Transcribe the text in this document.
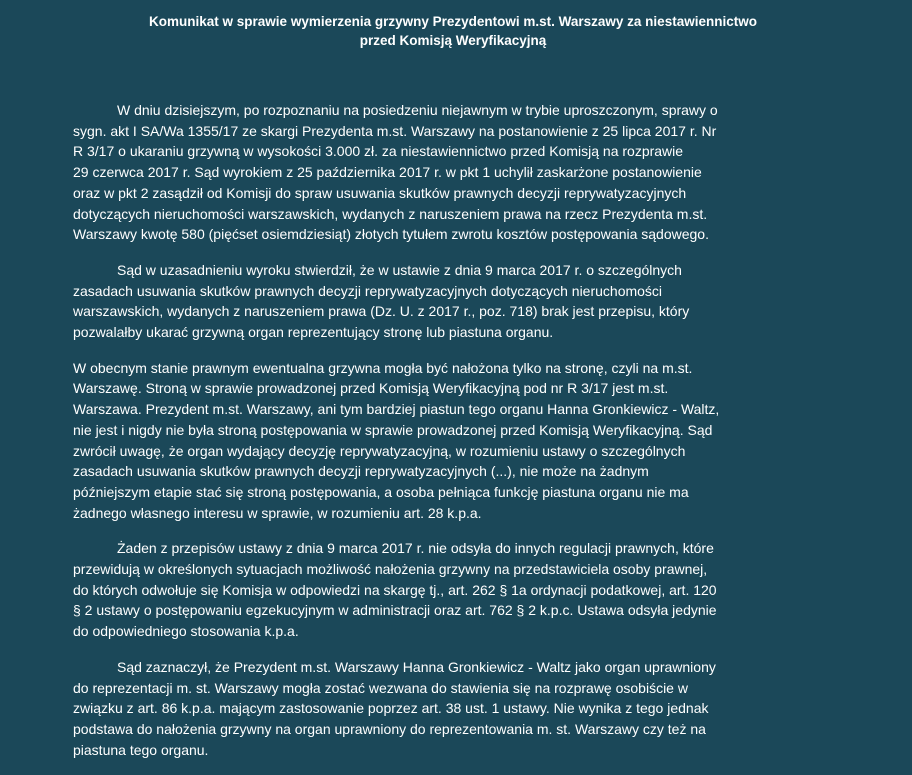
Komunikat w sprawie wymierzenia grzywny Prezydentowi m.st. Warszawy za niestawiennictwo
przed Komisją Weryfikacyjną

W dniu dzisiejszym, po rozpoznaniu na posiedzeniu niejawnym w trybie uproszczonym, sprawy o
sygn. akt I SA/Wa 1355/17 ze skargi Prezydenta m.st. Warszawy na postanowienie z 25 lipca 2017 r. Nr
R 3/17 o ukaraniu grzywną w wysokości 3.000 zł. za niestawiennictwo przed Komisją na rozprawie
29 czerwca 2017 r. Sąd wyrokiem z 25 października 2017 r. w pkt 1 uchylił zaskarżone postanowienie
oraz w pkt 2 zasądził od Komisji do spraw usuwania skutków prawnych decyzji reprywatyzacyjnych
dotyczących nieruchomości warszawskich, wydanych z naruszeniem prawa na rzecz Prezydenta m.st.
Warszawy kwotę 580 (pięćset osiemdziesiąt) złotych tytułem zwrotu kosztów postępowania sądowego.

Sąd w uzasadnieniu wyroku stwierdził, że w ustawie z dnia 9 marca 2017 r. o szczególnych
zasadach usuwania skutków prawnych decyzji reprywatyzacyjnych dotyczących nieruchomości
warszawskich, wydanych z naruszeniem prawa (Dz. U. z 2017 r., poz. 718) brak jest przepisu, który
pozwalałby ukarać grzywną organ reprezentujący stronę lub piastuna organu.

W obecnym stanie prawnym ewentualna grzywna mogła być nałożona tylko na stronę, czyli na m.st.
Warszawę. Stroną w sprawie prowadzonej przed Komisją Weryfikacyjną pod nr R 3/17 jest m.st.
Warszawa. Prezydent m.st. Warszawy, ani tym bardziej piastun tego organu Hanna Gronkiewicz - Waltz,
nie jest i nigdy nie była stroną postępowania w sprawie prowadzonej przed Komisją Weryfikacyjną. Sąd
zwrócił uwagę, że organ wydający decyzję reprywatyzacyjną, w rozumieniu ustawy o szczególnych
zasadach usuwania skutków prawnych decyzji reprywatyzacyjnych (...), nie może na żadnym
późniejszym etapie stać się stroną postępowania, a osoba pełniąca funkcję piastuna organu nie ma
żadnego własnego interesu w sprawie, w rozumieniu art. 28 k.p.a.

Żaden z przepisów ustawy z dnia 9 marca 2017 r. nie odsyła do innych regulacji prawnych, które
przewidują w określonych sytuacjach możliwość nałożenia grzywny na przedstawiciela osoby prawnej,
do których odwołuje się Komisja w odpowiedzi na skargę tj., art. 262 § 1a ordynacji podatkowej, art. 120
§ 2 ustawy o postępowaniu egzekucyjnym w administracji oraz art. 762 § 2 k.p.c. Ustawa odsyła jedynie
do odpowiedniego stosowania k.p.a.

Sąd zaznaczył, że Prezydent m.st. Warszawy Hanna Gronkiewicz - Waltz jako organ uprawniony
do reprezentacji m. st. Warszawy mogła zostać wezwana do stawienia się na rozprawę osobiście w
związku z art. 86 k.p.a. mającym zastosowanie poprzez art. 38 ust. 1 ustawy. Nie wynika z tego jednak
podstawa do nałożenia grzywny na organ uprawniony do reprezentowania m. st. Warszawy czy też na
piastuna tego organu.
